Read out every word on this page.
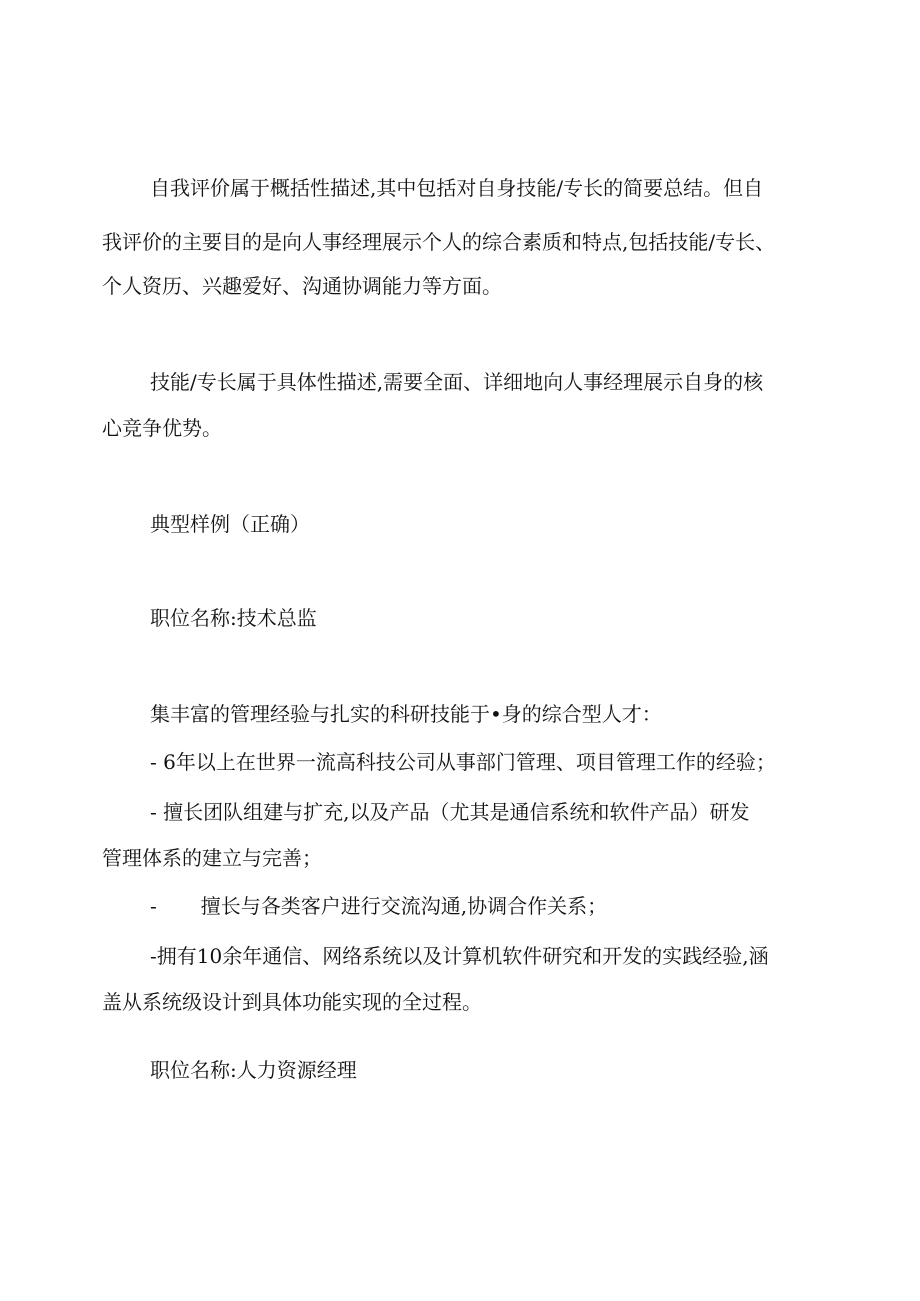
自我评价属于概括性描述,其中包括对自身技能/专长的简要总结。但自

我评价的主要目的是向人事经理展示个人的综合素质和特点,包括技能/专长、

个人资历、兴趣爱好、沟通协调能力等方面。

技能/专长属于具体性描述,需要全面、详细地向人事经理展示自身的核

心竞争优势。

典型样例（正确）

职位名称:技术总监

集丰富的管理经验与扎实的科研技能于•身的综合型人才：

- 6年以上在世界一流高科技公司从事部门管理、项目管理工作的经验；

- 擅长团队组建与扩充,以及产品（尤其是通信系统和软件产品）研发

管理体系的建立与完善；

- 擅长与各类客户进行交流沟通,协调合作关系；

-拥有10余年通信、网络系统以及计算机软件研究和开发的实践经验,涵

盖从系统级设计到具体功能实现的全过程。

职位名称:人力资源经理
